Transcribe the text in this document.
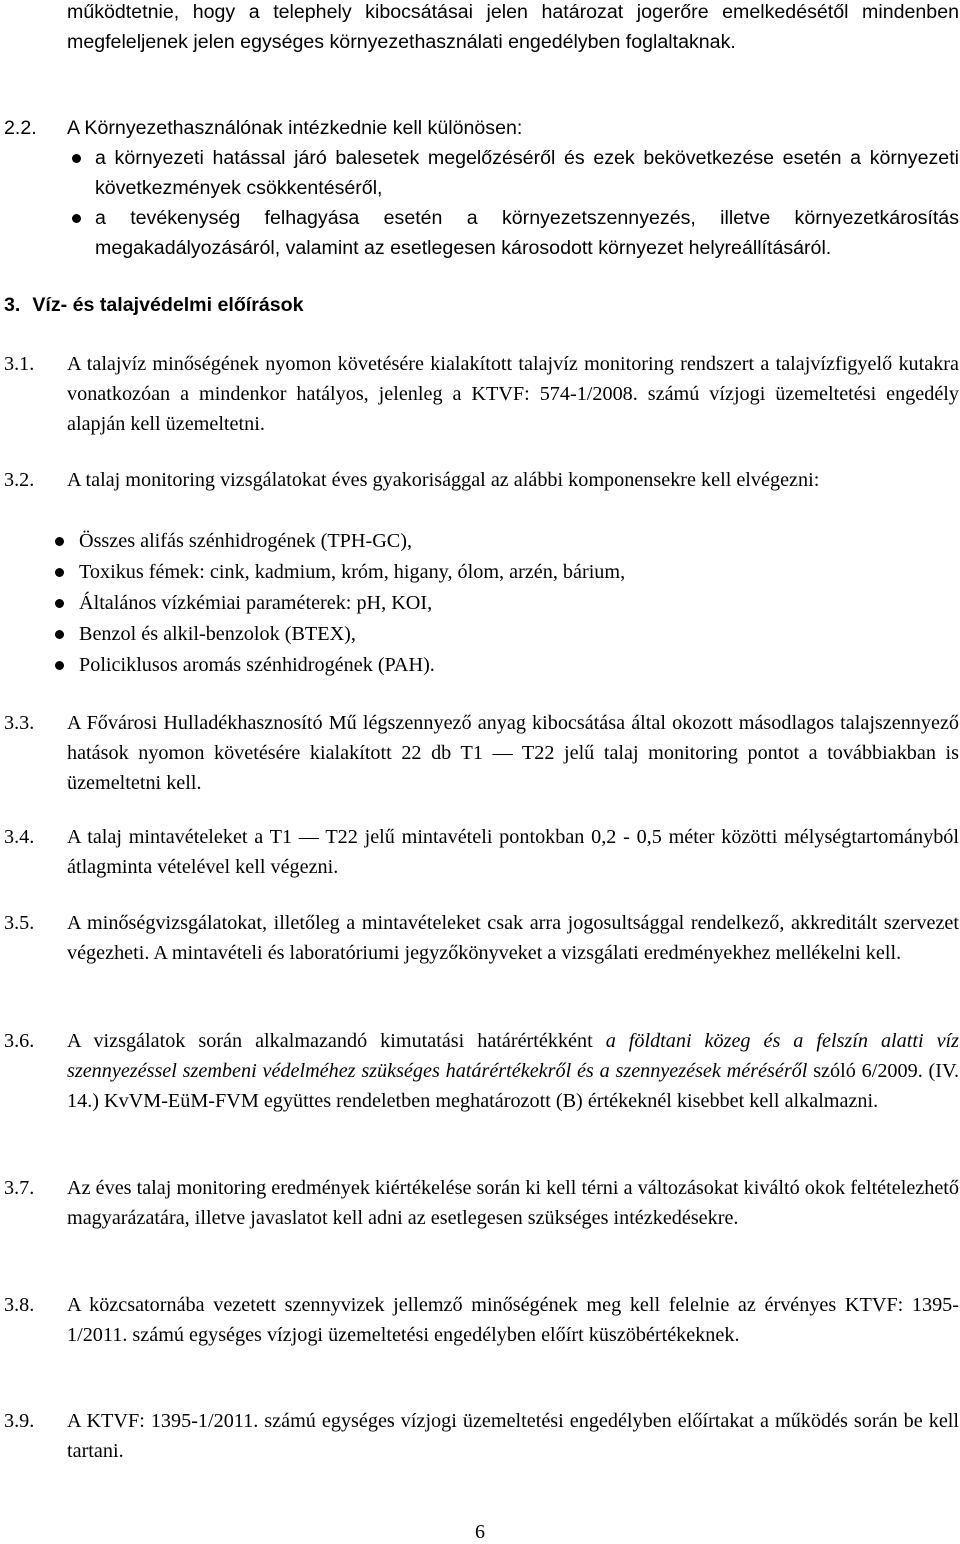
működtetnie, hogy a telephely kibocsátásai jelen határozat jogerőre emelkedésétől mindenben megfeleljenek jelen egységes környezethasználati engedélyben foglaltaknak.
2.2. A Környezethasználónak intézkednie kell különösen:
a környezeti hatással járó balesetek megelőzéséről és ezek bekövetkezése esetén a környezeti következmények csökkentéséről,
a tevékenység felhagyása esetén a környezetszennyezés, illetve környezetkárosítás megakadályozásáról, valamint az esetlegesen károsodott környezet helyreállításáról.
3. Víz- és talajvédelmi előírások
3.1. A talajvíz minőségének nyomon követésére kialakított talajvíz monitoring rendszert a talajvízfigyelő kutakra vonatkozóan a mindenkor hatályos, jelenleg a KTVF: 574-1/2008. számú vízjogi üzemeltetési engedély alapján kell üzemeltetni.
3.2. A talaj monitoring vizsgálatokat éves gyakorisággal az alábbi komponensekre kell elvégezni:
Összes alifás szénhidrogének (TPH-GC),
Toxikus fémek: cink, kadmium, króm, higany, ólom, arzén, bárium,
Általános vízkémiai paraméterek: pH, KOI,
Benzol és alkil-benzolok (BTEX),
Policiklusos aromás szénhidrogének (PAH).
3.3. A Fővárosi Hulladékhasznosító Mű légszennyező anyag kibocsátása által okozott másodlagos talajszennyező hatások nyomon követésére kialakított 22 db T1 — T22 jelű talaj monitoring pontot a továbbiakban is üzemeltetni kell.
3.4. A talaj mintavételeket a T1 — T22 jelű mintavételi pontokban 0,2 - 0,5 méter közötti mélységtartományból átlagminta vételével kell végezni.
3.5. A minőségvizsgálatokat, illetőleg a mintavételeket csak arra jogosultsággal rendelkező, akkreditált szervezet végezheti. A mintavételi és laboratóriumi jegyzőkönyveket a vizsgálati eredményekhez mellékelni kell.
3.6. A vizsgálatok során alkalmazandó kimutatási határértékként a földtani közeg és a felszín alatti víz szennyezéssel szembeni védelméhez szükséges határértékekről és a szennyezések méréséről szóló 6/2009. (IV. 14.) KvVM-EüM-FVM együttes rendeletben meghatározott (B) értékeknél kisebbet kell alkalmazni.
3.7. Az éves talaj monitoring eredmények kiértékelése során ki kell térni a változásokat kiváltó okok feltételezhető magyarázatára, illetve javaslatot kell adni az esetlegesen szükséges intézkedésekre.
3.8. A közcsatornába vezetett szennyvizek jellemző minőségének meg kell felelnie az érvényes KTVF: 1395-1/2011. számú egységes vízjogi üzemeltetési engedélyben előírt küszöbértékeknek.
3.9. A KTVF: 1395-1/2011. számú egységes vízjogi üzemeltetési engedélyben előírtakat a működés során be kell tartani.
6
